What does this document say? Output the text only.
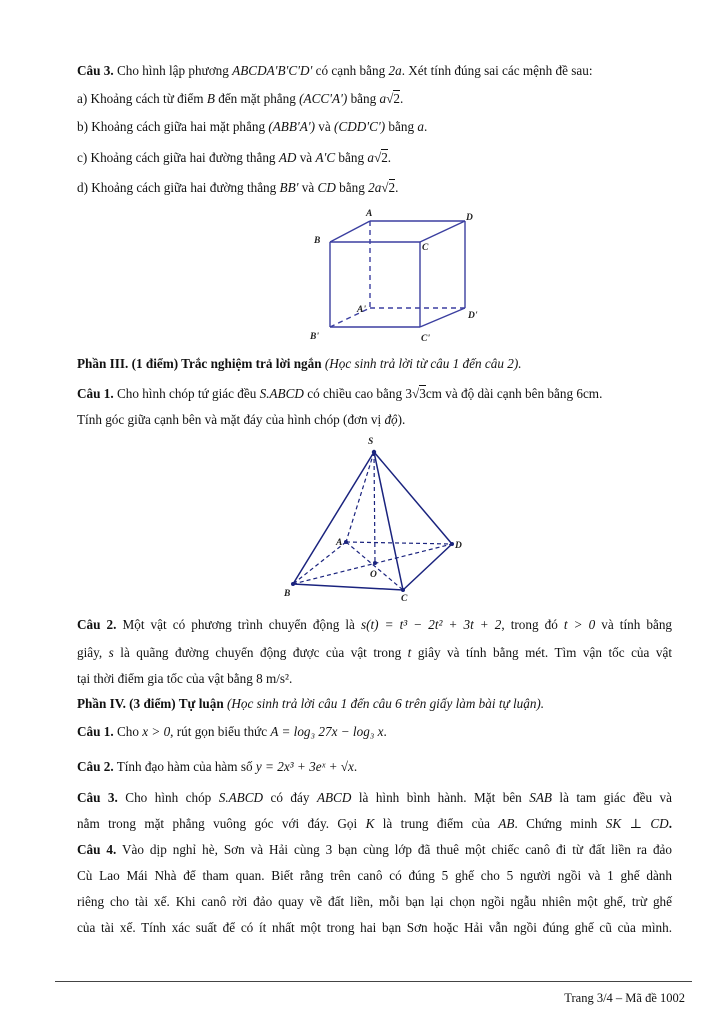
Câu 3. Cho hình lập phương ABCDA'B'C'D' có cạnh bằng 2a. Xét tính đúng sai các mệnh đề sau:
a) Khoảng cách từ điểm B đến mặt phẳng (ACC'A') bằng a√2.
b) Khoảng cách giữa hai mặt phẳng (ABB'A') và (CDD'C') bằng a.
c) Khoảng cách giữa hai đường thẳng AD và A'C bằng a√2.
d) Khoảng cách giữa hai đường thẳng BB' và CD bằng 2a√2.
A
B
C
D
A'
B'	C'
D'
Phần III. (1 điểm) Trắc nghiệm trả lời ngắn (Học sinh trả lời từ câu 1 đến câu 2).
Câu 1. Cho hình chóp tứ giác đều S.ABCD có chiều cao bằng 3√3cm và độ dài cạnh bên bằng 6cm.
Tính góc giữa cạnh bên và mặt đáy của hình chóp (đơn vị độ).
S
A
B	C
D
O
Câu 2. Một vật có phương trình chuyển động là s(t) = t³ − 2t² + 3t + 2, trong đó t > 0 và tính bằng
giây, s là quãng đường chuyển động được của vật trong t giây và tính bằng mét. Tìm vận tốc của vật
tại thời điểm gia tốc của vật bằng 8 m/s².
Phần IV. (3 điểm) Tự luận (Học sinh trả lời câu 1 đến câu 6 trên giấy làm bài tự luận).
Câu 1. Cho x > 0, rút gọn biểu thức A = log₃ 27x − log₃ x.
Câu 2. Tính đạo hàm của hàm số y = 2x³ + 3eˣ + √x.
Câu 3. Cho hình chóp S.ABCD có đáy ABCD là hình bình hành. Mặt bên SAB là tam giác đều và
nằm trong mặt phẳng vuông góc với đáy. Gọi K là trung điểm của AB. Chứng minh SK ⊥ CD.
Câu 4. Vào dịp nghỉ hè, Sơn và Hải cùng 3 bạn cùng lớp đã thuê một chiếc canô đi từ đất liền ra đảo
Cù Lao Mái Nhà để tham quan. Biết rằng trên canô có đúng 5 ghế cho 5 người ngồi và 1 ghế dành
riêng cho tài xế. Khi canô rời đảo quay về đất liền, mỗi bạn lại chọn ngồi ngẫu nhiên một ghế, trừ ghế
của tài xế. Tính xác suất để có ít nhất một trong hai bạn Sơn hoặc Hải vẫn ngồi đúng ghế cũ của mình.
Trang 3/4 – Mã đề 1002
